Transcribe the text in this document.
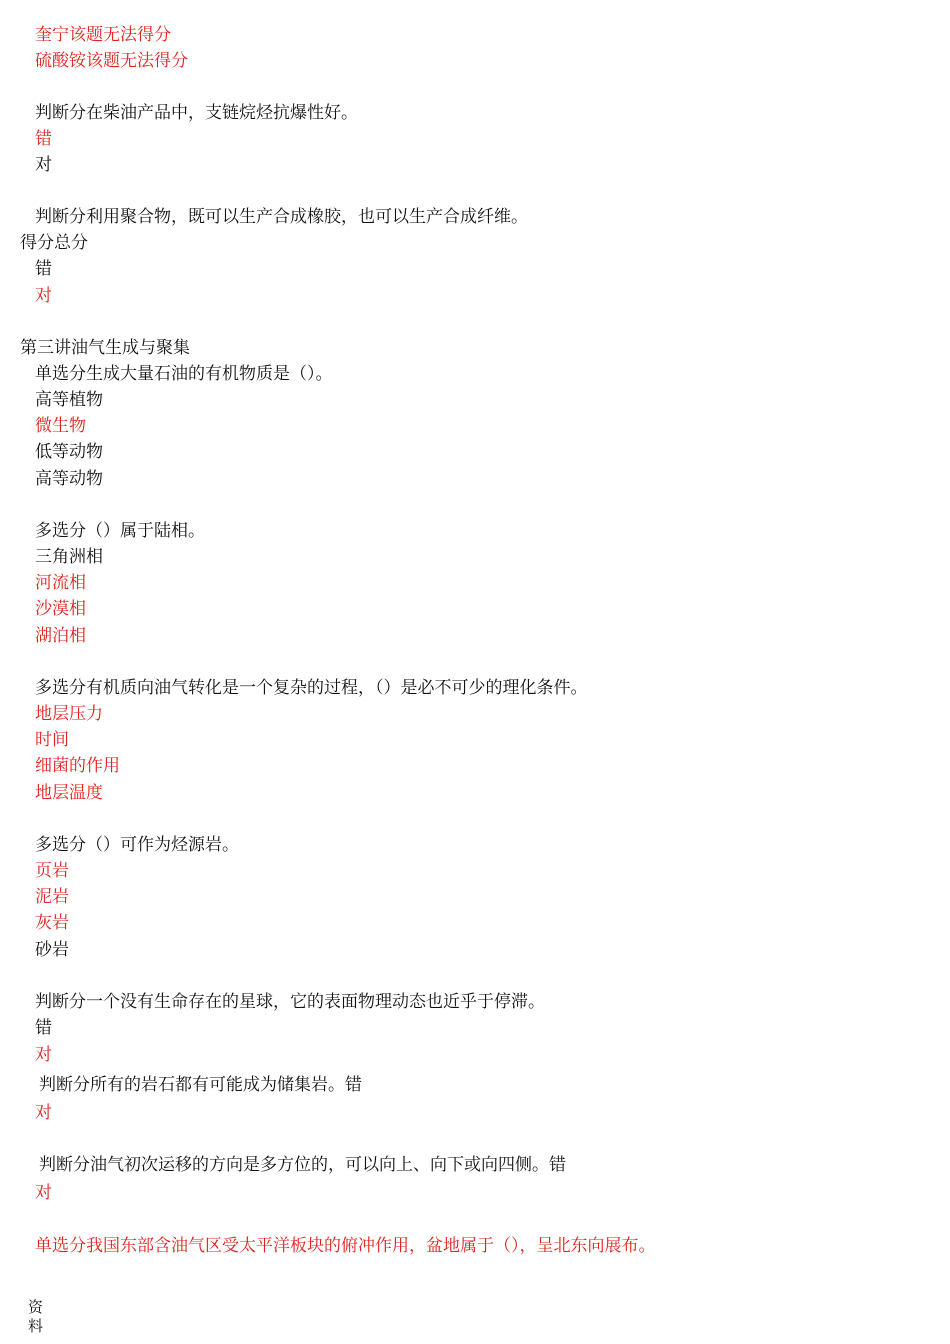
奎宁该题无法得分
硫酸铵该题无法得分
判断分在柴油产品中，支链烷烃抗爆性好。
错
对
判断分利用聚合物，既可以生产合成橡胶，也可以生产合成纤维。
得分总分
错
对
第三讲油气生成与聚集
单选分生成大量石油的有机物质是（）。
高等植物
微生物
低等动物
高等动物
多选分（）属于陆相。
三角洲相
河流相
沙漠相
湖泊相
多选分有机质向油气转化是一个复杂的过程，（）是必不可少的理化条件。
地层压力
时间
细菌的作用
地层温度
多选分（）可作为烃源岩。
页岩
泥岩
灰岩
砂岩
判断分一个没有生命存在的星球，它的表面物理动态也近乎于停滞。
错
对
判断分所有的岩石都有可能成为储集岩。错
对
判断分油气初次运移的方向是多方位的，可以向上、向下或向四侧。错
对
单选分我国东部含油气区受太平洋板块的俯冲作用，盆地属于（），呈北东向展布。
资
料
